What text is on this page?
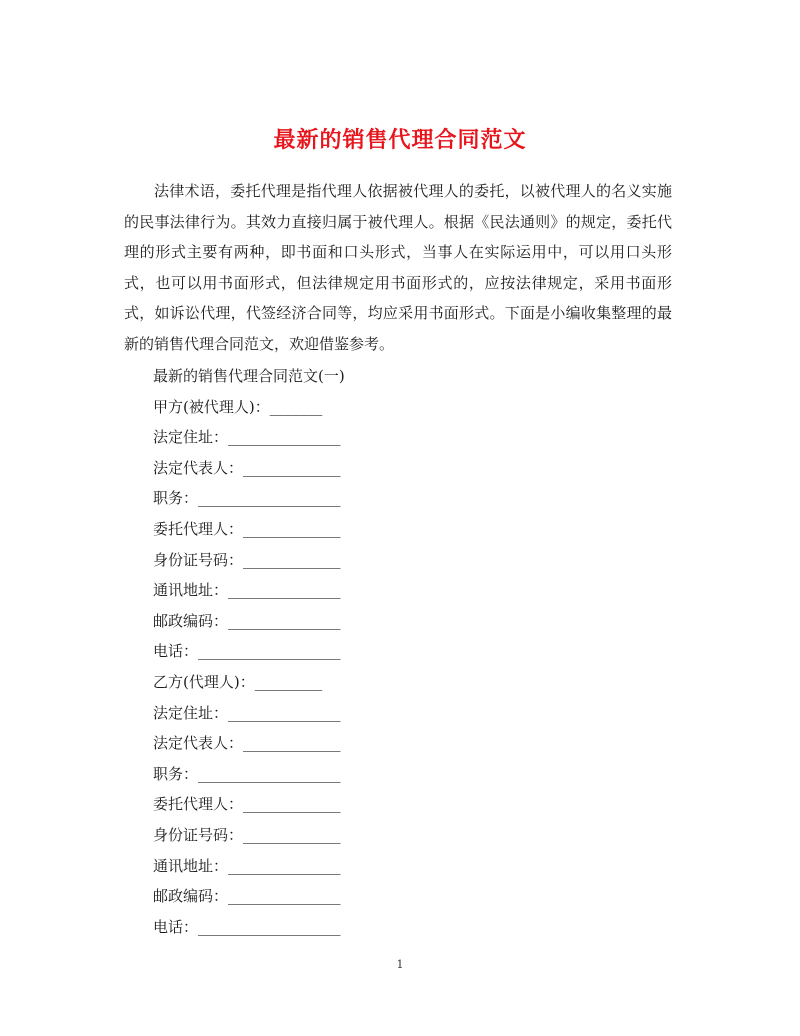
最新的销售代理合同范文

法律术语，委托代理是指代理人依据被代理人的委托，以被代理人的名义实施的民事法律行为。其效力直接归属于被代理人。根据《民法通则》的规定，委托代理的形式主要有两种，即书面和口头形式，当事人在实际运用中，可以用口头形式，也可以用书面形式，但法律规定用书面形式的，应按法律规定，采用书面形式，如诉讼代理，代签经济合同等，均应采用书面形式。下面是小编收集整理的最新的销售代理合同范文，欢迎借鉴参考。

最新的销售代理合同范文(一)
甲方(被代理人)：_______
法定住址：_______________
法定代表人：_____________
职务：___________________
委托代理人：_____________
身份证号码：_____________
通讯地址：_______________
邮政编码：_______________
电话：___________________
乙方(代理人)：_________
法定住址：_______________
法定代表人：_____________
职务：___________________
委托代理人：_____________
身份证号码：_____________
通讯地址：_______________
邮政编码：_______________
电话：___________________
1
